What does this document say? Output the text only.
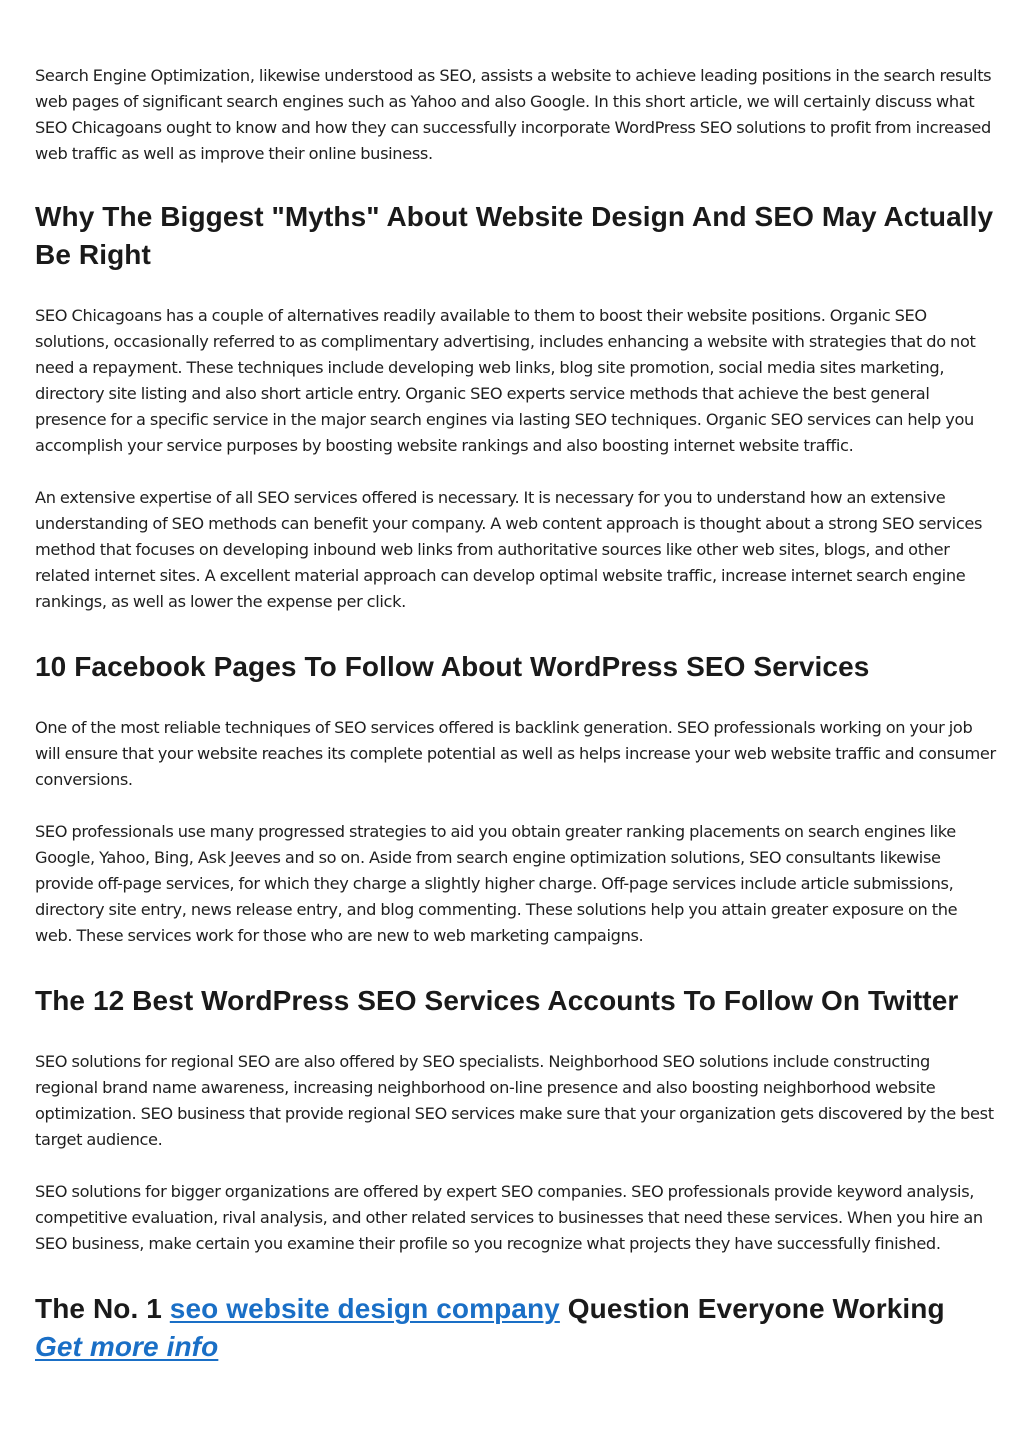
Search Engine Optimization, likewise understood as SEO, assists a website to achieve leading positions in the search results web pages of significant search engines such as Yahoo and also Google. In this short article, we will certainly discuss what SEO Chicagoans ought to know and how they can successfully incorporate WordPress SEO solutions to profit from increased web traffic as well as improve their online business.

Why The Biggest "Myths" About Website Design And SEO May Actually Be Right

SEO Chicagoans has a couple of alternatives readily available to them to boost their website positions. Organic SEO solutions, occasionally referred to as complimentary advertising, includes enhancing a website with strategies that do not need a repayment. These techniques include developing web links, blog site promotion, social media sites marketing, directory site listing and also short article entry. Organic SEO experts service methods that achieve the best general presence for a specific service in the major search engines via lasting SEO techniques. Organic SEO services can help you accomplish your service purposes by boosting website rankings and also boosting internet website traffic.

An extensive expertise of all SEO services offered is necessary. It is necessary for you to understand how an extensive understanding of SEO methods can benefit your company. A web content approach is thought about a strong SEO services method that focuses on developing inbound web links from authoritative sources like other web sites, blogs, and other related internet sites. A excellent material approach can develop optimal website traffic, increase internet search engine rankings, as well as lower the expense per click.

10 Facebook Pages To Follow About WordPress SEO Services

One of the most reliable techniques of SEO services offered is backlink generation. SEO professionals working on your job will ensure that your website reaches its complete potential as well as helps increase your web website traffic and consumer conversions.

SEO professionals use many progressed strategies to aid you obtain greater ranking placements on search engines like Google, Yahoo, Bing, Ask Jeeves and so on. Aside from search engine optimization solutions, SEO consultants likewise provide off-page services, for which they charge a slightly higher charge. Off-page services include article submissions, directory site entry, news release entry, and blog commenting. These solutions help you attain greater exposure on the web. These services work for those who are new to web marketing campaigns.

The 12 Best WordPress SEO Services Accounts To Follow On Twitter

SEO solutions for regional SEO are also offered by SEO specialists. Neighborhood SEO solutions include constructing regional brand name awareness, increasing neighborhood on-line presence and also boosting neighborhood website optimization. SEO business that provide regional SEO services make sure that your organization gets discovered by the best target audience.

SEO solutions for bigger organizations are offered by expert SEO companies. SEO professionals provide keyword analysis, competitive evaluation, rival analysis, and other related services to businesses that need these services. When you hire an SEO business, make certain you examine their profile so you recognize what projects they have successfully finished.

The No. 1 seo website design company Question Everyone Working Get more info
